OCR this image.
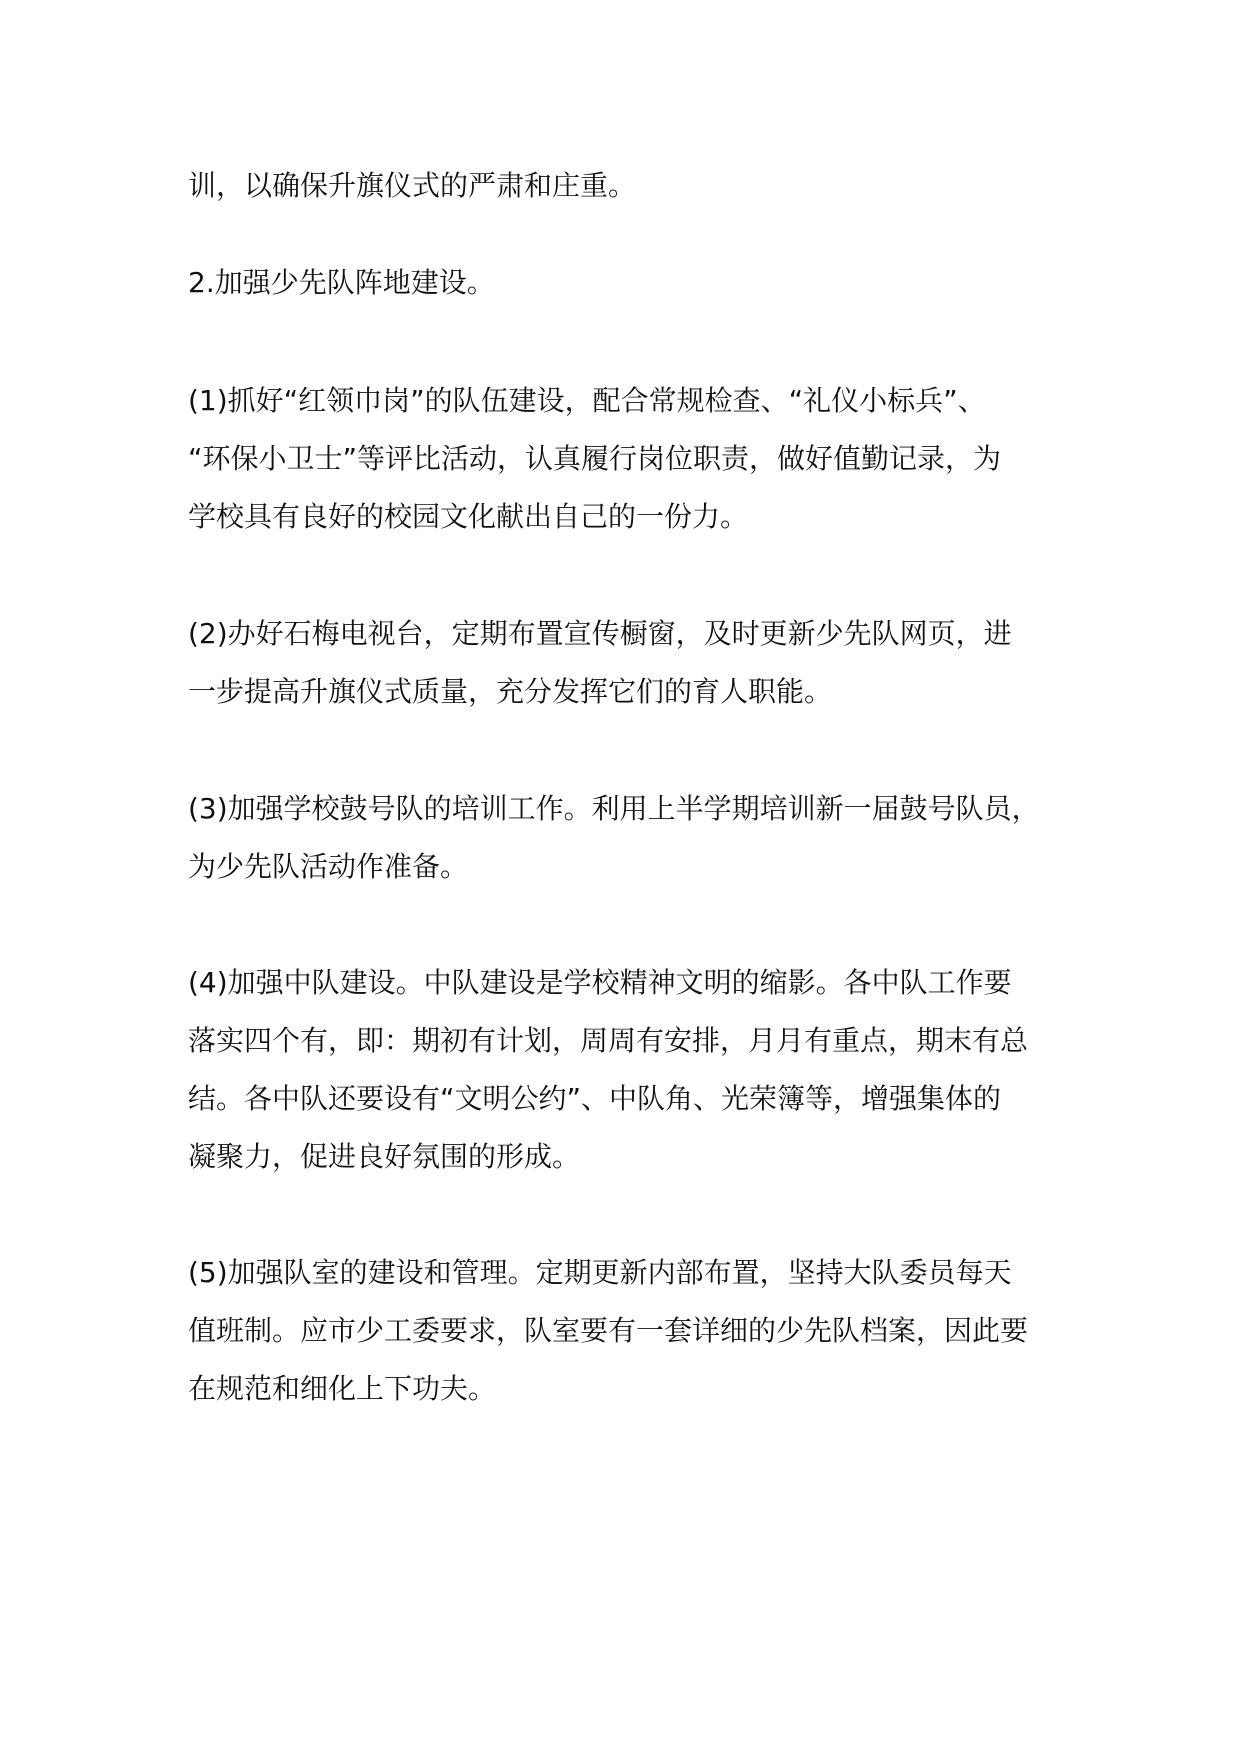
训，以确保升旗仪式的严肃和庄重。
2.加强少先队阵地建设。
(1)抓好“红领巾岗”的队伍建设，配合常规检查、“礼仪小标兵”、
“环保小卫士”等评比活动，认真履行岗位职责，做好值勤记录，为
学校具有良好的校园文化献出自己的一份力。
(2)办好石梅电视台，定期布置宣传橱窗，及时更新少先队网页，进
一步提高升旗仪式质量，充分发挥它们的育人职能。
(3)加强学校鼓号队的培训工作。利用上半学期培训新一届鼓号队员，
为少先队活动作准备。
(4)加强中队建设。中队建设是学校精神文明的缩影。各中队工作要
落实四个有，即：期初有计划，周周有安排，月月有重点，期末有总
结。各中队还要设有“文明公约”、中队角、光荣簿等，增强集体的
凝聚力，促进良好氛围的形成。
(5)加强队室的建设和管理。定期更新内部布置，坚持大队委员每天
值班制。应市少工委要求，队室要有一套详细的少先队档案，因此要
在规范和细化上下功夫。
